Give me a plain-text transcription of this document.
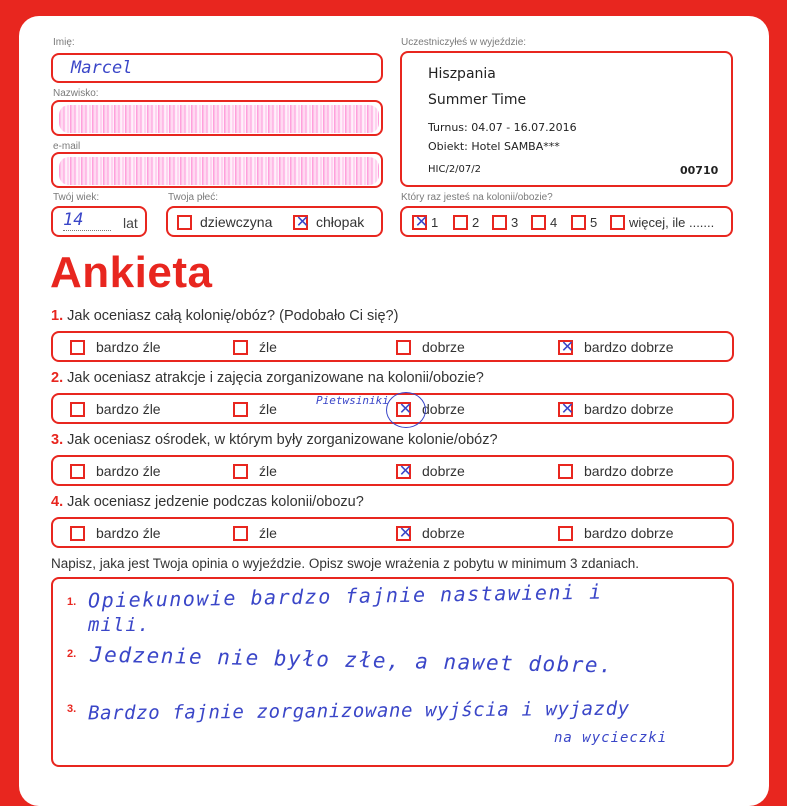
Imię:
Marcel
Nazwisko:
e-mail
Twój wiek:
14	lat
Twoja płeć:
dziewczyna ✕ chłopak
Uczestniczyłeś w wyjeździe:
Hiszpania
Summer Time
Turnus: 04.07 - 16.07.2016
Obiekt: Hotel SAMBA***
HIC/2/07/2	00710
Który raz jesteś na kolonii/obozie?
✕ 1	2 3 4	5 więcej, ile .......
Ankieta
1. Jak oceniasz całą kolonię/obóz? (Podobało Ci się?)
bardzo źle	źle	dobrze	✕ bardzo dobrze
2. Jak oceniasz atrakcje i zajęcia zorganizowane na kolonii/obozie?
bardzo źle	źle	✕ dobrze	✕ bardzo dobrze
Pietwsiniki
3. Jak oceniasz ośrodek, w którym były zorganizowane kolonie/obóz?
bardzo źle	źle	✕ dobrze	bardzo dobrze
4. Jak oceniasz jedzenie podczas kolonii/obozu?
bardzo źle	źle	✕ dobrze	bardzo dobrze
Napisz, jaka jest Twoja opinia o wyjeździe. Opisz swoje wrażenia z pobytu w minimum 3 zdaniach.
1.
2.
3.
Opiekunowie bardzo fajnie nastawieni i
mili.
Jedzenie nie było złe, a nawet dobre.
Bardzo fajnie zorganizowane wyjścia i wyjazdy
na wycieczki
